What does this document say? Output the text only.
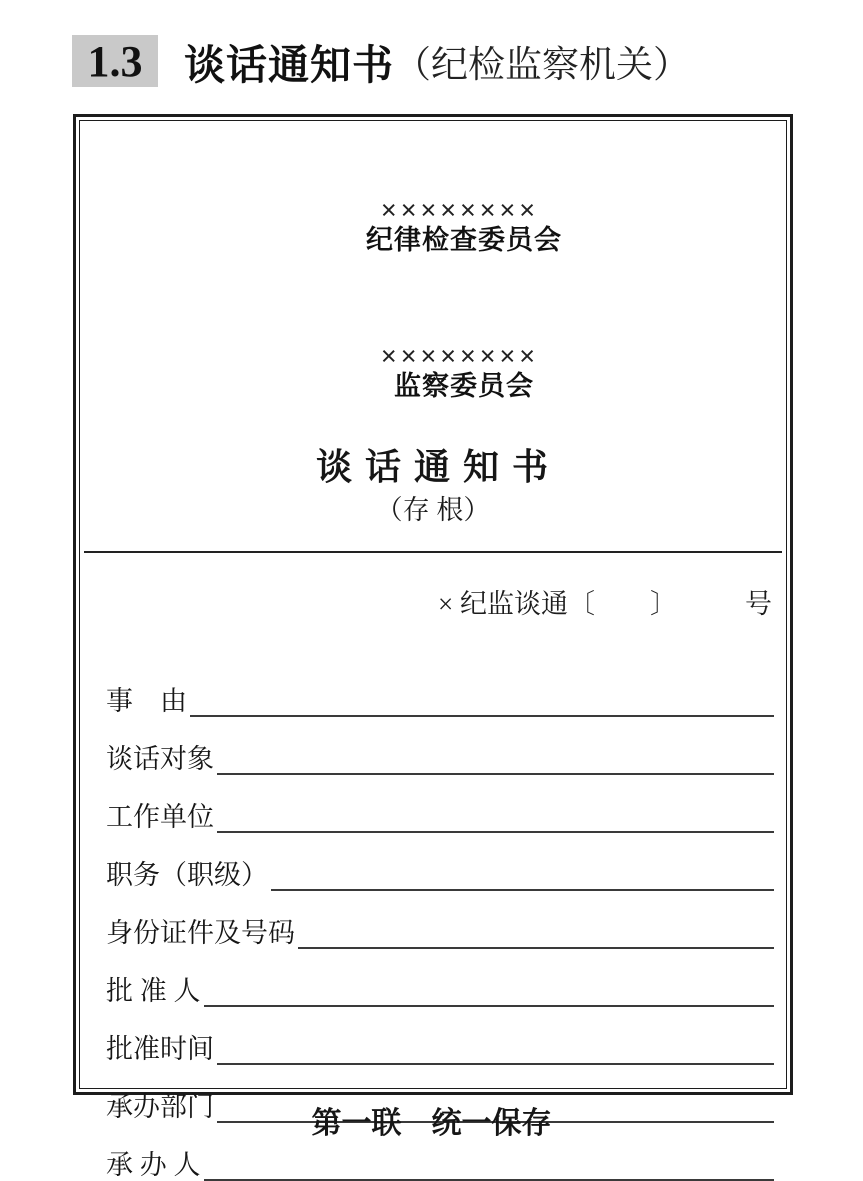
1.3 谈话通知书 （纪检监察机关）

××××××××
纪律检查委员会

××××××××
监察委员会

谈 话 通 知 书
（存 根）
× 纪监谈通〔 〕	号
事　由
谈话对象
工作单位
职务（职级）
身份证件及号码
批 准 人
批准时间
承办部门
承 办 人
第一联　统一保存
